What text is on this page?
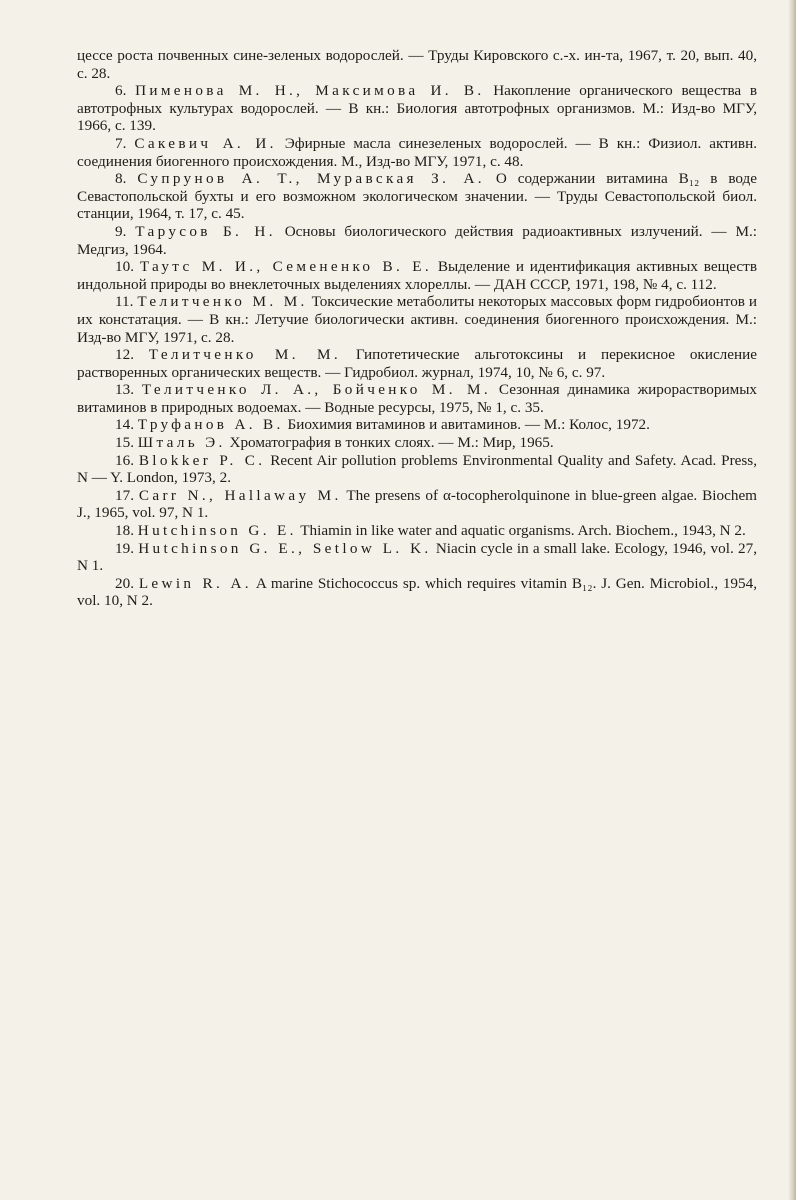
цессе роста почвенных сине-зеленых водорослей. — Труды Кировского с.-х. ин-та, 1967, т. 20, вып. 40, с. 28.

6. Пименова М. Н., Максимова И. В. Накопление органического вещества в автотрофных культурах водорослей. — В кн.: Биология автотрофных организмов. М.: Изд-во МГУ, 1966, с. 139.

7. Сакевич А. И. Эфирные масла синезеленых водорослей. — В кн.: Физиол. активн. соединения биогенного происхождения. М., Изд-во МГУ, 1971, с. 48.

8. Супрунов А. Т., Муравская З. А. О содержании витамина B₁₂ в воде Севастопольской бухты и его возможном экологическом значении. — Труды Севастопольской биол. станции, 1964, т. 17, с. 45.

9. Тарусов Б. Н. Основы биологического действия радиоактивных излучений. — М.: Медгиз, 1964.

10. Таутс М. И., Семененко В. Е. Выделение и идентификация активных веществ индольной природы во внеклеточных выделениях хлореллы. — ДАН СССР, 1971, 198, № 4, с. 112.

11. Телитченко М. М. Токсические метаболиты некоторых массовых форм гидробионтов и их констатация. — В кн.: Летучие биологически активн. соединения биогенного происхождения. М.: Изд-во МГУ, 1971, с. 28.

12. Телитченко М. М. Гипотетические альготоксины и перекисное окисление растворенных органических веществ. — Гидробиол. журнал, 1974, 10, № 6, с. 97.

13. Телитченко Л. А., Бойченко М. М. Сезонная динамика жирорастворимых витаминов в природных водоемах. — Водные ресурсы, 1975, № 1, с. 35.

14. Труфанов А. В. Биохимия витаминов и авитаминов. — М.: Колос, 1972.

15. Шталь Э. Хроматография в тонких слоях. — М.: Мир, 1965.

16. Blokker P. C. Recent Air pollution problems Environmental Quality and Safety. Acad. Press, N — Y. London, 1973, 2.

17. Carr N., Hallaway M. The presens of α-tocopherolquinone in blue-green algae. Biochem J., 1965, vol. 97, N 1.

18. Hutchinson G. E. Thiamin in like water and aquatic organisms. Arch. Biochem., 1943, N 2.

19. Hutchinson G. E., Setlow L. K. Niacin cycle in a small lake. Ecology, 1946, vol. 27, N 1.

20. Lewin R. A. A marine Stichococcus sp. which requires vitamin B₁₂. J. Gen. Microbiol., 1954, vol. 10, N 2.
